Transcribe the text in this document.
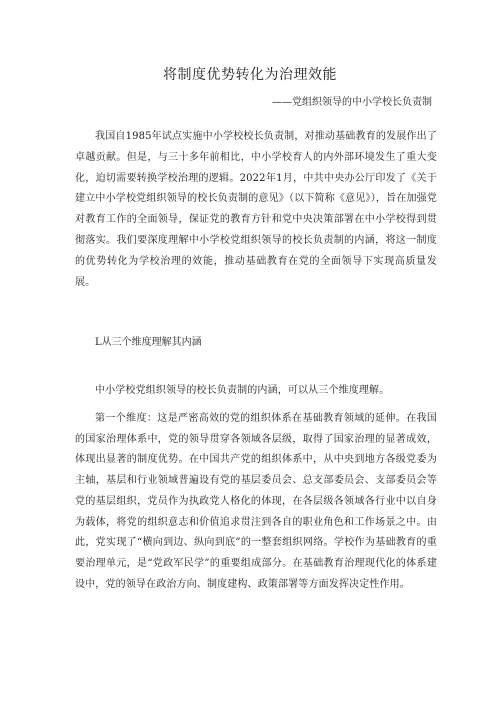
将制度优势转化为治理效能
——党组织领导的中小学校长负责制

我国自1985年试点实施中小学校校长负责制，对推动基础教育的发展作出了卓越贡献。但是，与三十多年前相比，中小学校育人的内外部环境发生了重大变化，迫切需要转换学校治理的逻辑。2022年1月，中共中央办公厅印发了《关于建立中小学校党组织领导的校长负责制的意见》（以下简称《意见》），旨在加强党对教育工作的全面领导，保证党的教育方针和党中央决策部署在中小学校得到贯彻落实。我们要深度理解中小学校党组织领导的校长负责制的内涵，将这一制度的优势转化为学校治理的效能，推动基础教育在党的全面领导下实现高质量发展。

L从三个维度理解其内涵

中小学校党组织领导的校长负责制的内涵，可以从三个维度理解。

第一个维度：这是严密高效的党的组织体系在基础教育领域的延伸。在我国的国家治理体系中，党的领导贯穿各领域各层级，取得了国家治理的显著成效，体现出显著的制度优势。在中国共产党的组织体系中，从中央到地方各级党委为主轴，基层和行业领域普遍设有党的基层委员会、总支部委员会、支部委员会等党的基层组织，党员作为执政党人格化的体现，在各层级各领域各行业中以自身为载体，将党的组织意志和价值追求贯注到各自的职业角色和工作场景之中。由此，党实现了“横向到边、纵向到底”的一整套组织网络。学校作为基础教育的重要治理单元，是“党政军民学”的重要组成部分。在基础教育治理现代化的体系建设中，党的领导在政治方向、制度建构、政策部署等方面发挥决定性作用。
